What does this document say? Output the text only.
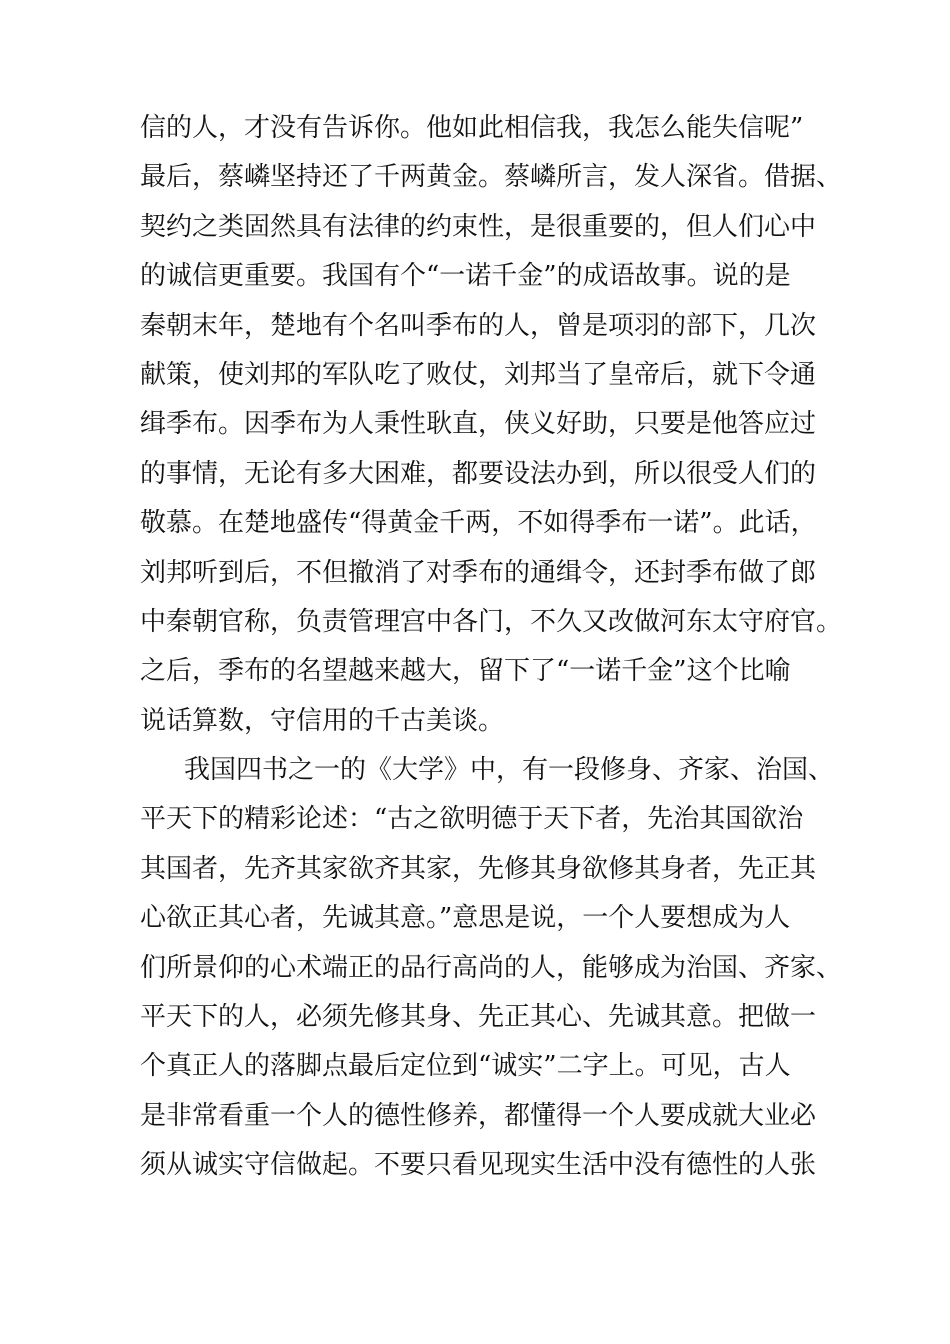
信的人，才没有告诉你。他如此相信我，我怎么能失信呢”
最后，蔡嶙坚持还了千两黄金。蔡嶙所言，发人深省。借据、
契约之类固然具有法律的约束性，是很重要的，但人们心中
的诚信更重要。我国有个“一诺千金”的成语故事。说的是
秦朝末年，楚地有个名叫季布的人，曾是项羽的部下，几次
献策，使刘邦的军队吃了败仗，刘邦当了皇帝后，就下令通
缉季布。因季布为人秉性耿直，侠义好助，只要是他答应过
的事情，无论有多大困难，都要设法办到，所以很受人们的
敬慕。在楚地盛传“得黄金千两，不如得季布一诺”。此话，
刘邦听到后，不但撤消了对季布的通缉令，还封季布做了郎
中秦朝官称，负责管理宫中各门，不久又改做河东太守府官。
之后，季布的名望越来越大，留下了“一诺千金”这个比喻
说话算数，守信用的千古美谈。
我国四书之一的《大学》中，有一段修身、齐家、治国、
平天下的精彩论述：“古之欲明德于天下者，先治其国欲治
其国者，先齐其家欲齐其家，先修其身欲修其身者，先正其
心欲正其心者，先诚其意。”意思是说，一个人要想成为人
们所景仰的心术端正的品行高尚的人，能够成为治国、齐家、
平天下的人，必须先修其身、先正其心、先诚其意。把做一
个真正人的落脚点最后定位到“诚实”二字上。可见，古人
是非常看重一个人的德性修养，都懂得一个人要成就大业必
须从诚实守信做起。不要只看见现实生活中没有德性的人张
